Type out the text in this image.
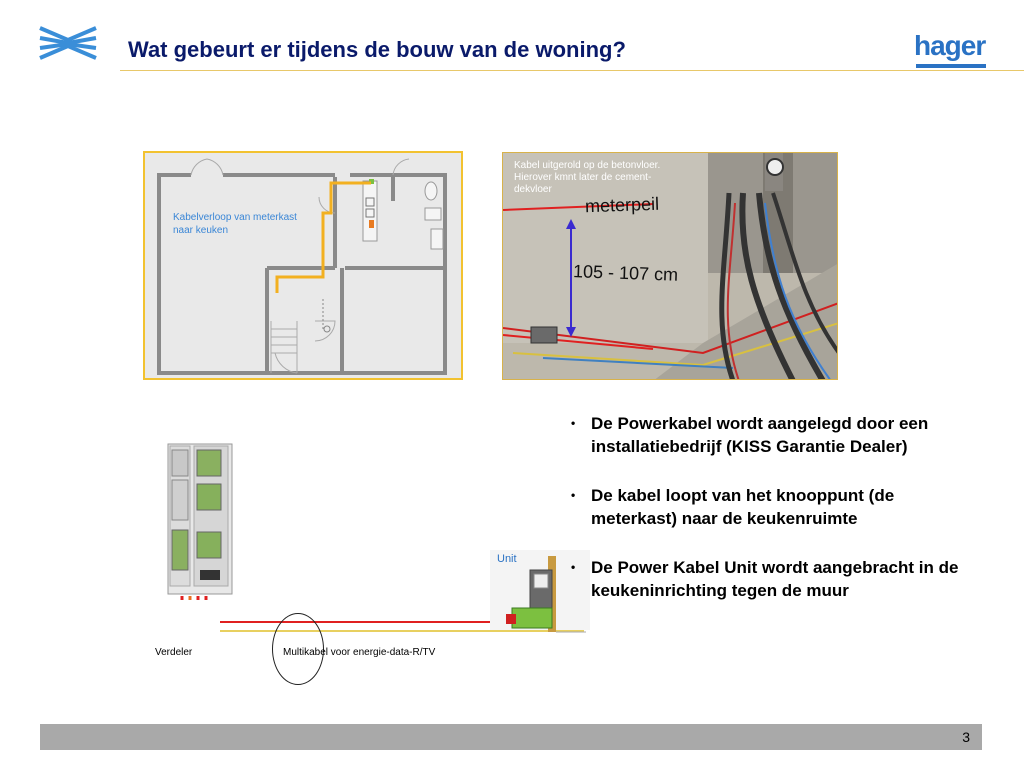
Wat gebeurt er tijdens de bouw van de woning?	hager
Kabelverloop van meterkast naar keuken
Kabel uitgerold op de betonvloer. Hierover kmnt later de cement-dekvloer
meterpeil
105 - 107 cm
Unit
Verdeler	Multikabel voor energie-data-R/TV
• De Powerkabel wordt aangelegd door een installatiebedrijf (KISS Garantie Dealer)
• De kabel loopt van het knooppunt (de meterkast) naar de keukenruimte
• De Power Kabel Unit wordt aangebracht in de keukeninrichting tegen de muur
3
